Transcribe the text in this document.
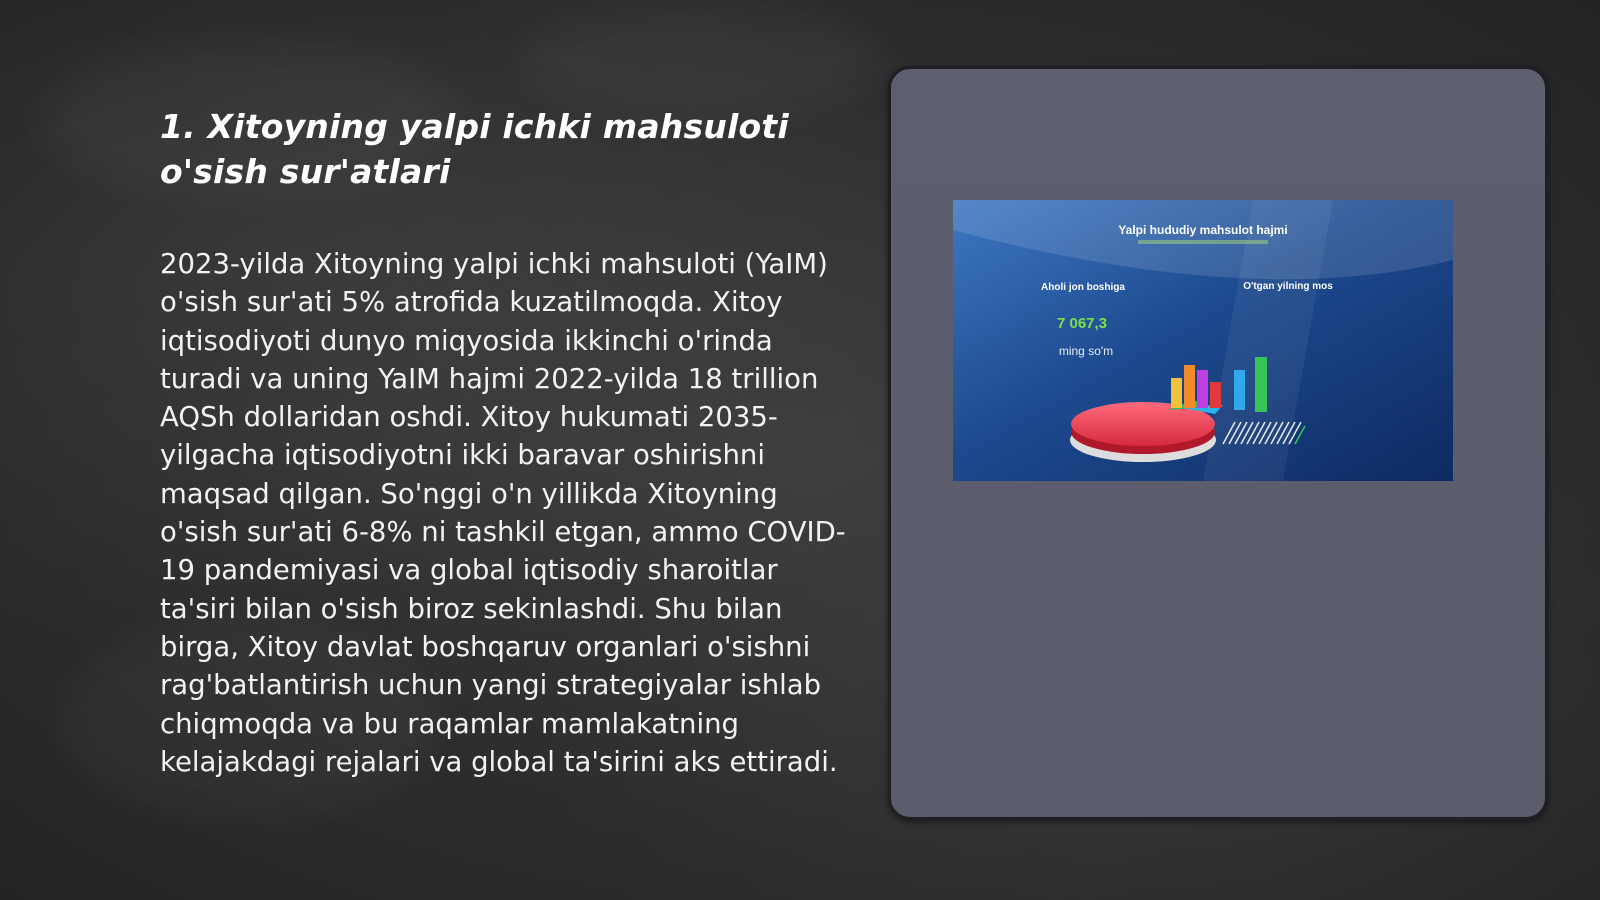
1. Xitoyning yalpi ichki mahsuloti o'sish sur'atlari

2023-yilda Xitoyning yalpi ichki mahsuloti (YaIM) o'sish sur'ati 5% atrofida kuzatilmoqda. Xitoy iqtisodiyoti dunyo miqyosida ikkinchi o'rinda turadi va uning YaIM hajmi 2022-yilda 18 trillion AQSh dollaridan oshdi. Xitoy hukumati 2035-yilgacha iqtisodiyotni ikki baravar oshirishni maqsad qilgan. So'nggi o'n yillikda Xitoyning o'sish sur'ati 6-8% ni tashkil etgan, ammo COVID-19 pandemiyasi va global iqtisodiy sharoitlar ta'siri bilan o'sish biroz sekinlashdi. Shu bilan birga, Xitoy davlat boshqaruv organlari o'sishni rag'batlantirish uchun yangi strategiyalar ishlab chiqmoqda va bu raqamlar mamlakatning kelajakdagi rejalari va global ta'sirini aks ettiradi.

Yalpi hududiy mahsulot hajmi
Aholi jon boshiga	O'tgan yilning mos
7 067,3
ming so'm
